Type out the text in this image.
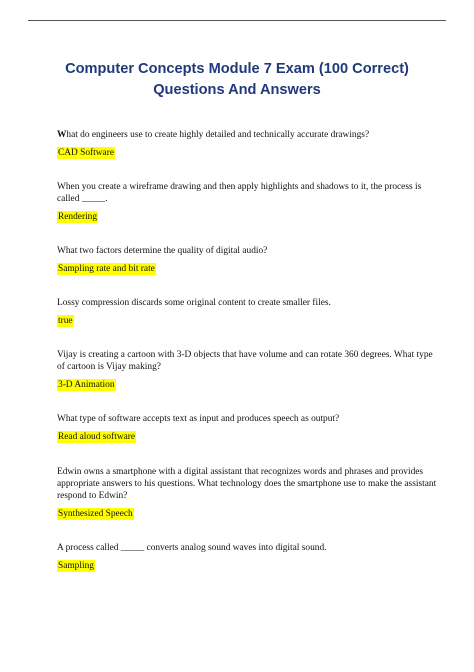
Computer Concepts Module 7 Exam (100 Correct)
Questions And Answers

What do engineers use to create highly detailed and technically accurate drawings?

CAD Software

When you create a wireframe drawing and then apply highlights and shadows to it, the process is called _____.

Rendering

What two factors determine the quality of digital audio?

Sampling rate and bit rate

Lossy compression discards some original content to create smaller files.

true

Vijay is creating a cartoon with 3-D objects that have volume and can rotate 360 degrees. What type of cartoon is Vijay making?

3-D Animation

What type of software accepts text as input and produces speech as output?

Read aloud software

Edwin owns a smartphone with a digital assistant that recognizes words and phrases and provides appropriate answers to his questions. What technology does the smartphone use to make the assistant respond to Edwin?

Synthesized Speech

A process called _____ converts analog sound waves into digital sound.

Sampling
